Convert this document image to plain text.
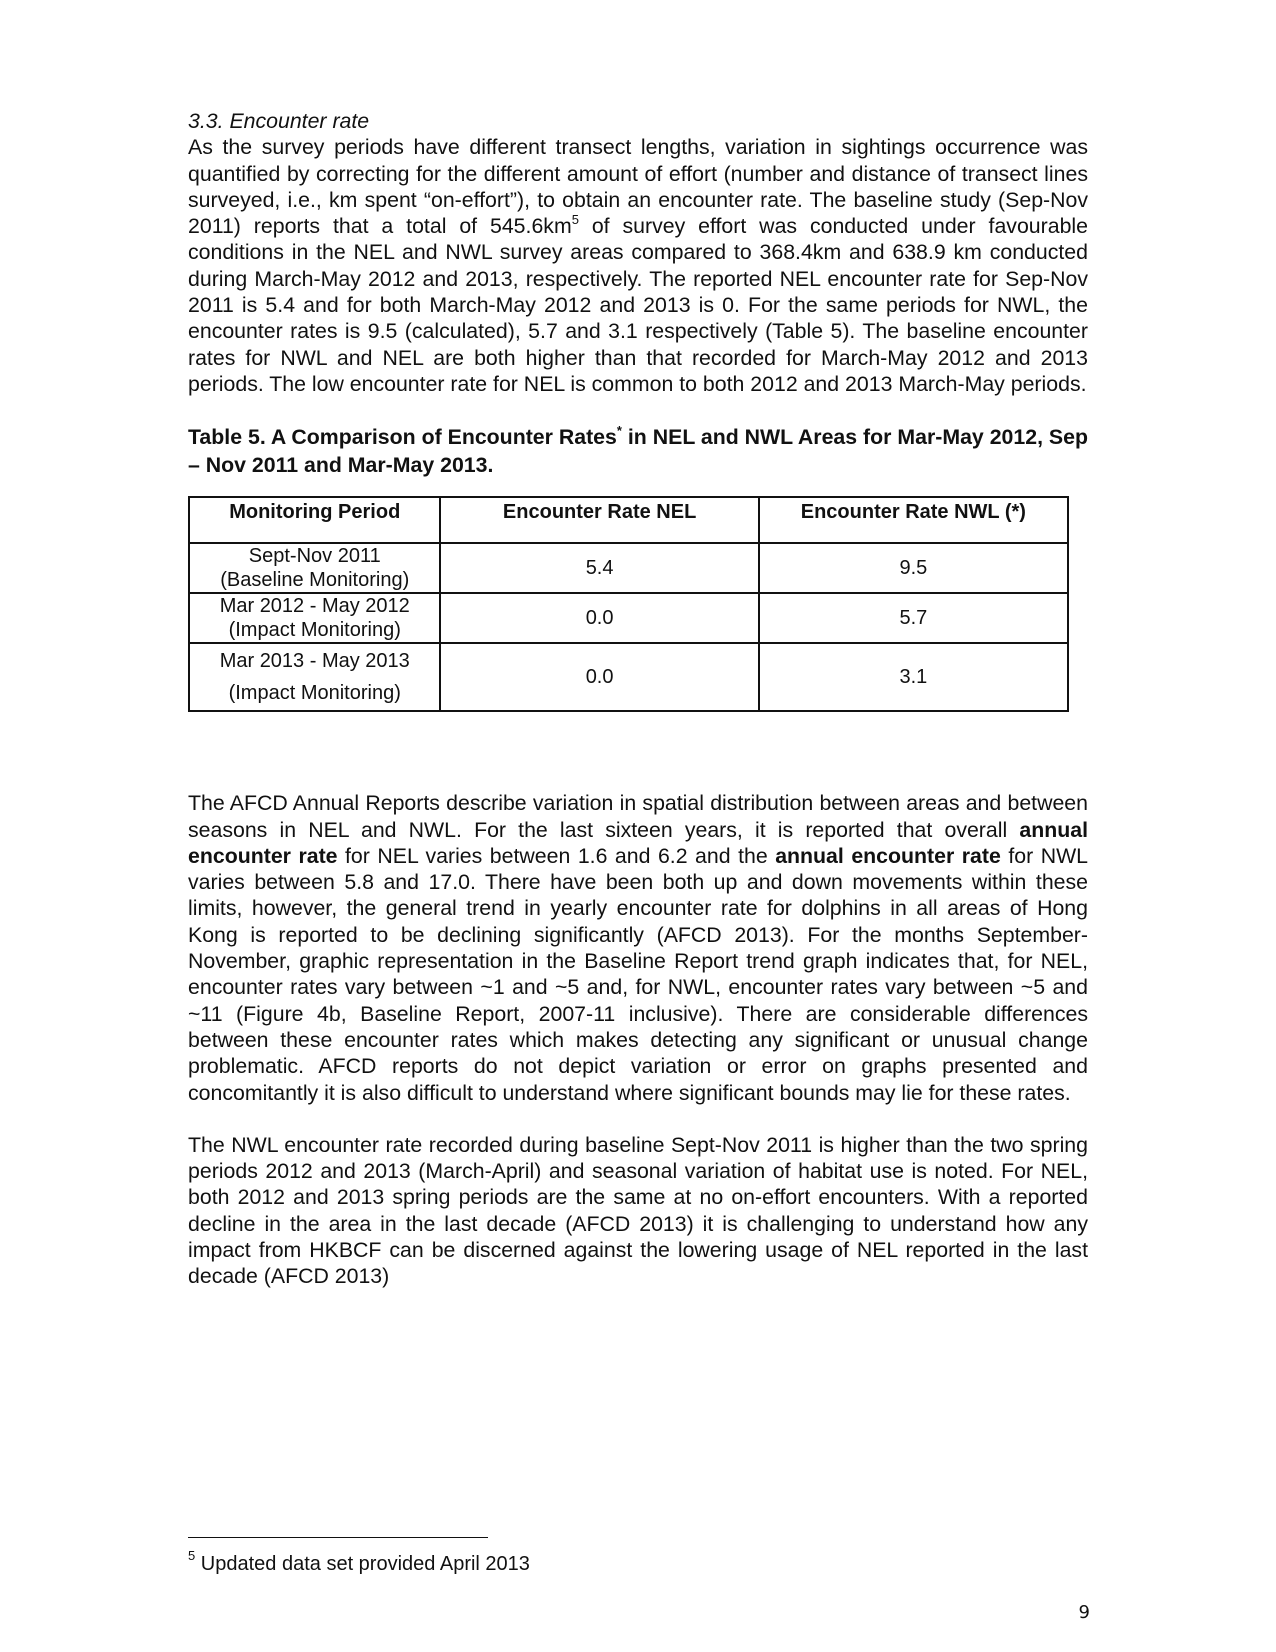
3.3. Encounter rate

As the survey periods have different transect lengths, variation in sightings occurrence was quantified by correcting for the different amount of effort (number and distance of transect lines surveyed, i.e., km spent “on-effort”), to obtain an encounter rate. The baseline study (Sep-Nov 2011) reports that a total of $545.6km^5$ of survey effort was conducted under favourable conditions in the NEL and NWL survey areas compared to 368.4km and 638.9 km conducted during March-May 2012 and 2013, respectively. The reported NEL encounter rate for Sep-Nov 2011 is 5.4 and for both March-May 2012 and 2013 is 0. For the same periods for NWL, the encounter rates is 9.5 (calculated), 5.7 and 3.1 respectively (Table 5). The baseline encounter rates for NWL and NEL are both higher than that recorded for March-May 2012 and 2013 periods. The low encounter rate for NEL is common to both 2012 and 2013 March-May periods.

Table 5. A Comparison of Encounter Rates* in NEL and NWL Areas for Mar-May 2012, Sep – Nov 2011 and Mar-May 2013.

Monitoring Period	Encounter Rate NEL	Encounter Rate NWL (*)

Sept-Nov 2011
(Baseline Monitoring)	5.4	9.5

Mar 2012 - May 2012
(Impact Monitoring)	0.0	5.7

Mar 2013 - May 2013
(Impact Monitoring)	0.0	3.1

The AFCD Annual Reports describe variation in spatial distribution between areas and between seasons in NEL and NWL. For the last sixteen years, it is reported that overall annual encounter rate for NEL varies between 1.6 and 6.2 and the annual encounter rate for NWL varies between 5.8 and 17.0. There have been both up and down movements within these limits, however, the general trend in yearly encounter rate for dolphins in all areas of Hong Kong is reported to be declining significantly (AFCD 2013). For the months September-November, graphic representation in the Baseline Report trend graph indicates that, for NEL, encounter rates vary between ~1 and ~5 and, for NWL, encounter rates vary between ~5 and ~11 (Figure 4b, Baseline Report, 2007-11 inclusive). There are considerable differences between these encounter rates which makes detecting any significant or unusual change problematic. AFCD reports do not depict variation or error on graphs presented and concomitantly it is also difficult to understand where significant bounds may lie for these rates.

The NWL encounter rate recorded during baseline Sept-Nov 2011 is higher than the two spring periods 2012 and 2013 (March-April) and seasonal variation of habitat use is noted. For NEL, both 2012 and 2013 spring periods are the same at no on-effort encounters. With a reported decline in the area in the last decade (AFCD 2013) it is challenging to understand how any impact from HKBCF can be discerned against the lowering usage of NEL reported in the last decade (AFCD 2013)

$^5$ Updated data set provided April 2013
9
